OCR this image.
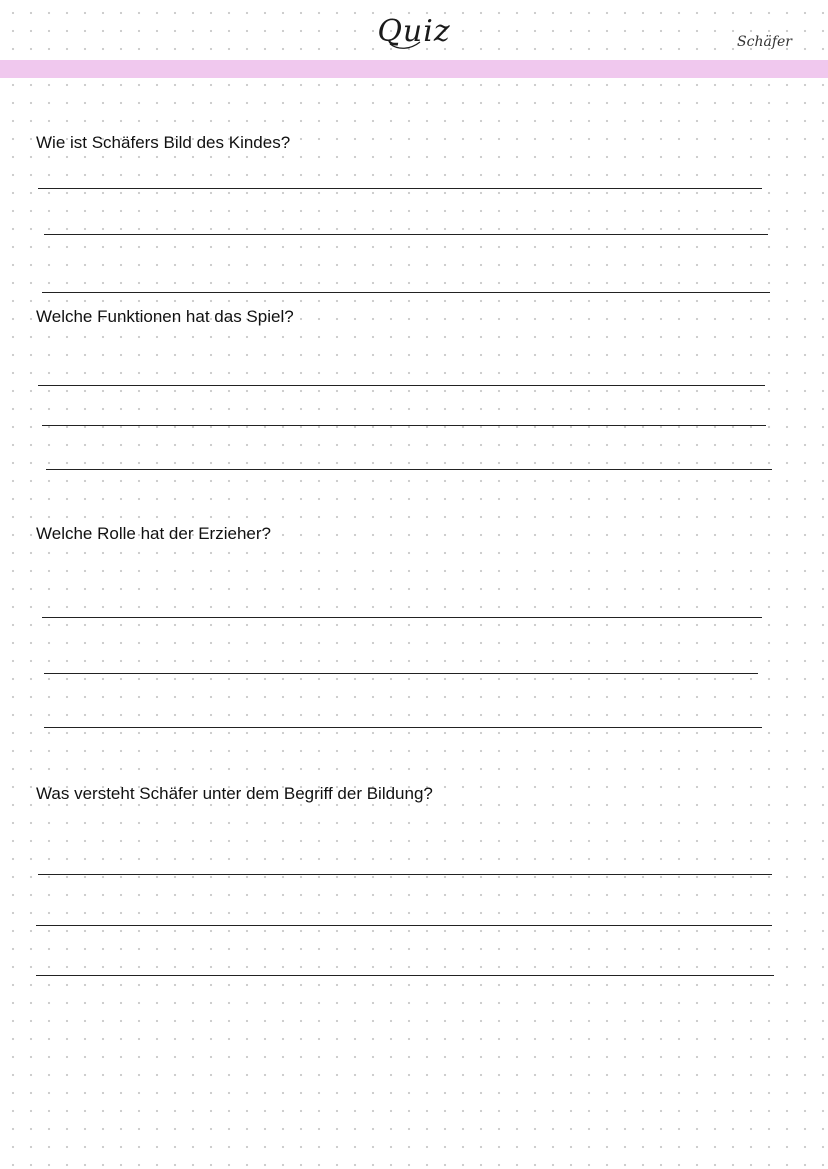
Quiz	Schäfer
Wie ist Schäfers Bild des Kindes?
Welche Funktionen hat das Spiel?
Welche Rolle hat der Erzieher?
Was versteht Schäfer unter dem Begriff der Bildung?
